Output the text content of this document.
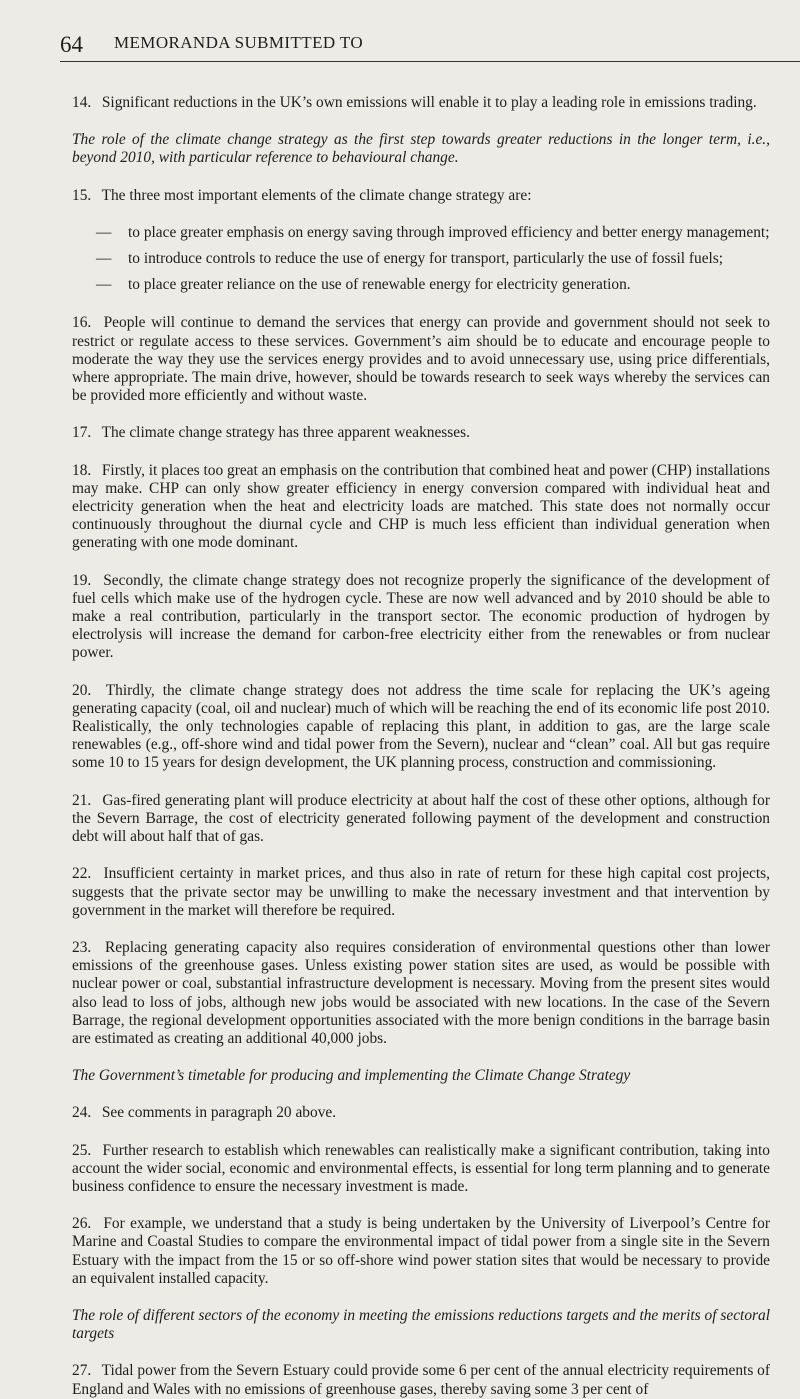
64 MEMORANDA SUBMITTED TO

14. Significant reductions in the UK’s own emissions will enable it to play a leading role in emissions trading.

The role of the climate change strategy as the first step towards greater reductions in the longer term, i.e., beyond 2010, with particular reference to behavioural change.

15. The three most important elements of the climate change strategy are:

— to place greater emphasis on energy saving through improved efficiency and better energy management;

— to introduce controls to reduce the use of energy for transport, particularly the use of fossil fuels;

— to place greater reliance on the use of renewable energy for electricity generation.

16. People will continue to demand the services that energy can provide and government should not seek to restrict or regulate access to these services. Government’s aim should be to educate and encourage people to moderate the way they use the services energy provides and to avoid unnecessary use, using price differentials, where appropriate. The main drive, however, should be towards research to seek ways whereby the services can be provided more efficiently and without waste.

17. The climate change strategy has three apparent weaknesses.

18. Firstly, it places too great an emphasis on the contribution that combined heat and power (CHP) installations may make. CHP can only show greater efficiency in energy conversion compared with individual heat and electricity generation when the heat and electricity loads are matched. This state does not normally occur continuously throughout the diurnal cycle and CHP is much less efficient than individual generation when generating with one mode dominant.

19. Secondly, the climate change strategy does not recognize properly the significance of the development of fuel cells which make use of the hydrogen cycle. These are now well advanced and by 2010 should be able to make a real contribution, particularly in the transport sector. The economic production of hydrogen by electrolysis will increase the demand for carbon-free electricity either from the renewables or from nuclear power.

20. Thirdly, the climate change strategy does not address the time scale for replacing the UK’s ageing generating capacity (coal, oil and nuclear) much of which will be reaching the end of its economic life post 2010. Realistically, the only technologies capable of replacing this plant, in addition to gas, are the large scale renewables (e.g., off-shore wind and tidal power from the Severn), nuclear and “clean” coal. All but gas require some 10 to 15 years for design development, the UK planning process, construction and commissioning.

21. Gas-fired generating plant will produce electricity at about half the cost of these other options, although for the Severn Barrage, the cost of electricity generated following payment of the development and construction debt will about half that of gas.

22. Insufficient certainty in market prices, and thus also in rate of return for these high capital cost projects, suggests that the private sector may be unwilling to make the necessary investment and that intervention by government in the market will therefore be required.

23. Replacing generating capacity also requires consideration of environmental questions other than lower emissions of the greenhouse gases. Unless existing power station sites are used, as would be possible with nuclear power or coal, substantial infrastructure development is necessary. Moving from the present sites would also lead to loss of jobs, although new jobs would be associated with new locations. In the case of the Severn Barrage, the regional development opportunities associated with the more benign conditions in the barrage basin are estimated as creating an additional 40,000 jobs.

The Government’s timetable for producing and implementing the Climate Change Strategy

24. See comments in paragraph 20 above.

25. Further research to establish which renewables can realistically make a significant contribution, taking into account the wider social, economic and environmental effects, is essential for long term planning and to generate business confidence to ensure the necessary investment is made.

26. For example, we understand that a study is being undertaken by the University of Liverpool’s Centre for Marine and Coastal Studies to compare the environmental impact of tidal power from a single site in the Severn Estuary with the impact from the 15 or so off-shore wind power station sites that would be necessary to provide an equivalent installed capacity.

The role of different sectors of the economy in meeting the emissions reductions targets and the merits of sectoral targets

27. Tidal power from the Severn Estuary could provide some 6 per cent of the annual electricity requirements of England and Wales with no emissions of greenhouse gases, thereby saving some 3 per cent of
